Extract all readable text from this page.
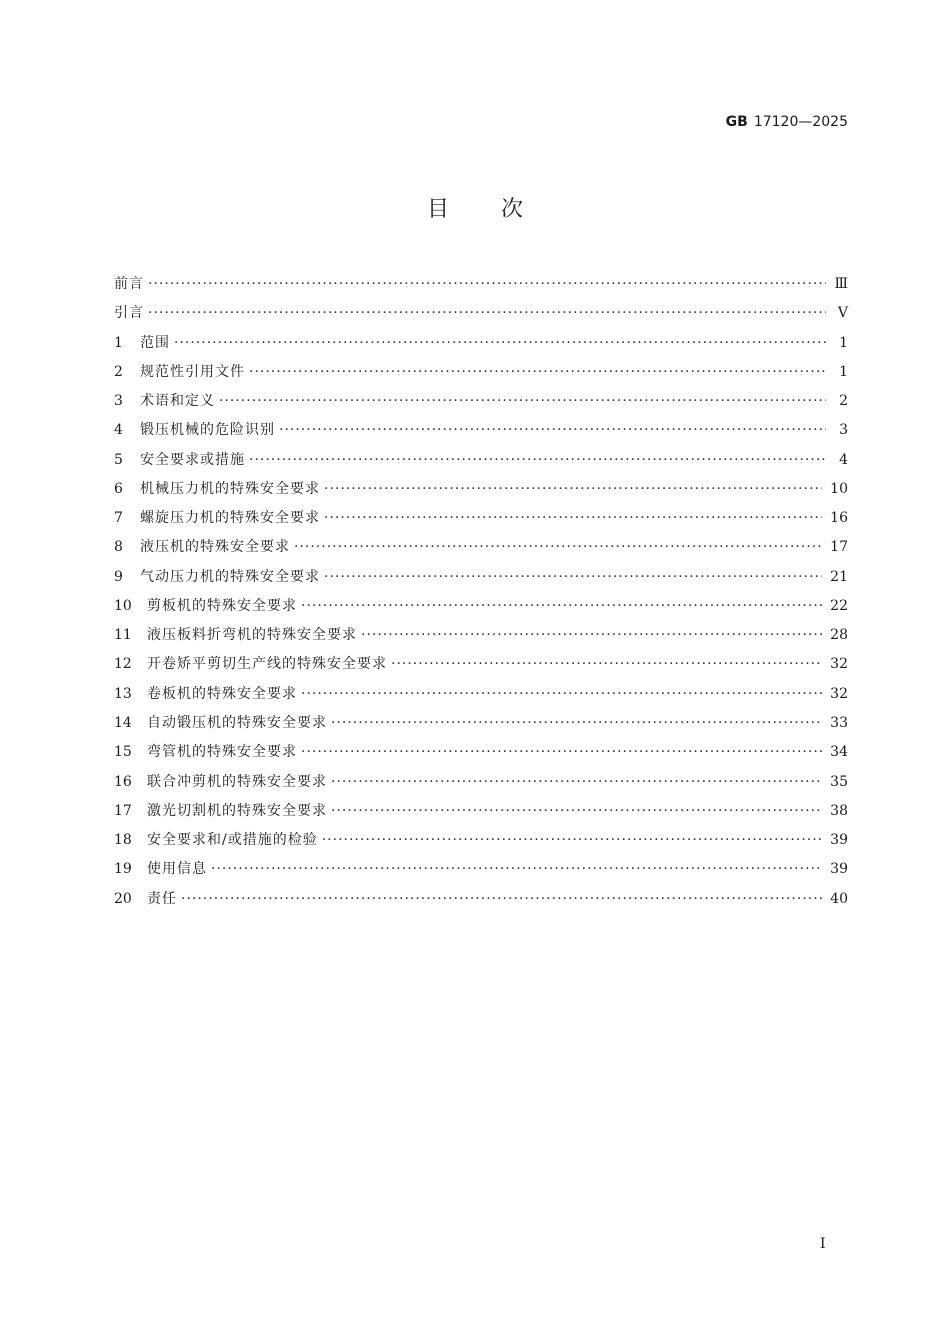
GB 17120—2025
目次
前言 ·····	Ⅲ
引言 ·····	Ⅴ
1	范围 ·····	1
2	规范性引用文件 ·····	1
3	术语和定义 ·····	2
4	锻压机械的危险识别 ·····	3
5	安全要求或措施 ·····	4
6	机械压力机的特殊安全要求 ·····	10
7	螺旋压力机的特殊安全要求 ·····	16
8	液压机的特殊安全要求 ·····	17
9	气动压力机的特殊安全要求 ·····	21
10	剪板机的特殊安全要求 ·····	22
11	液压板料折弯机的特殊安全要求 ·····	28
12	开卷矫平剪切生产线的特殊安全要求 ·····	32
13	卷板机的特殊安全要求 ·····	32
14	自动锻压机的特殊安全要求 ·····	33
15	弯管机的特殊安全要求 ·····	34
16	联合冲剪机的特殊安全要求 ·····	35
17	激光切割机的特殊安全要求 ·····	38
18	安全要求和/或措施的检验 ·····	39
19	使用信息 ·····	39
20	责任 ·····	40
Ⅰ
